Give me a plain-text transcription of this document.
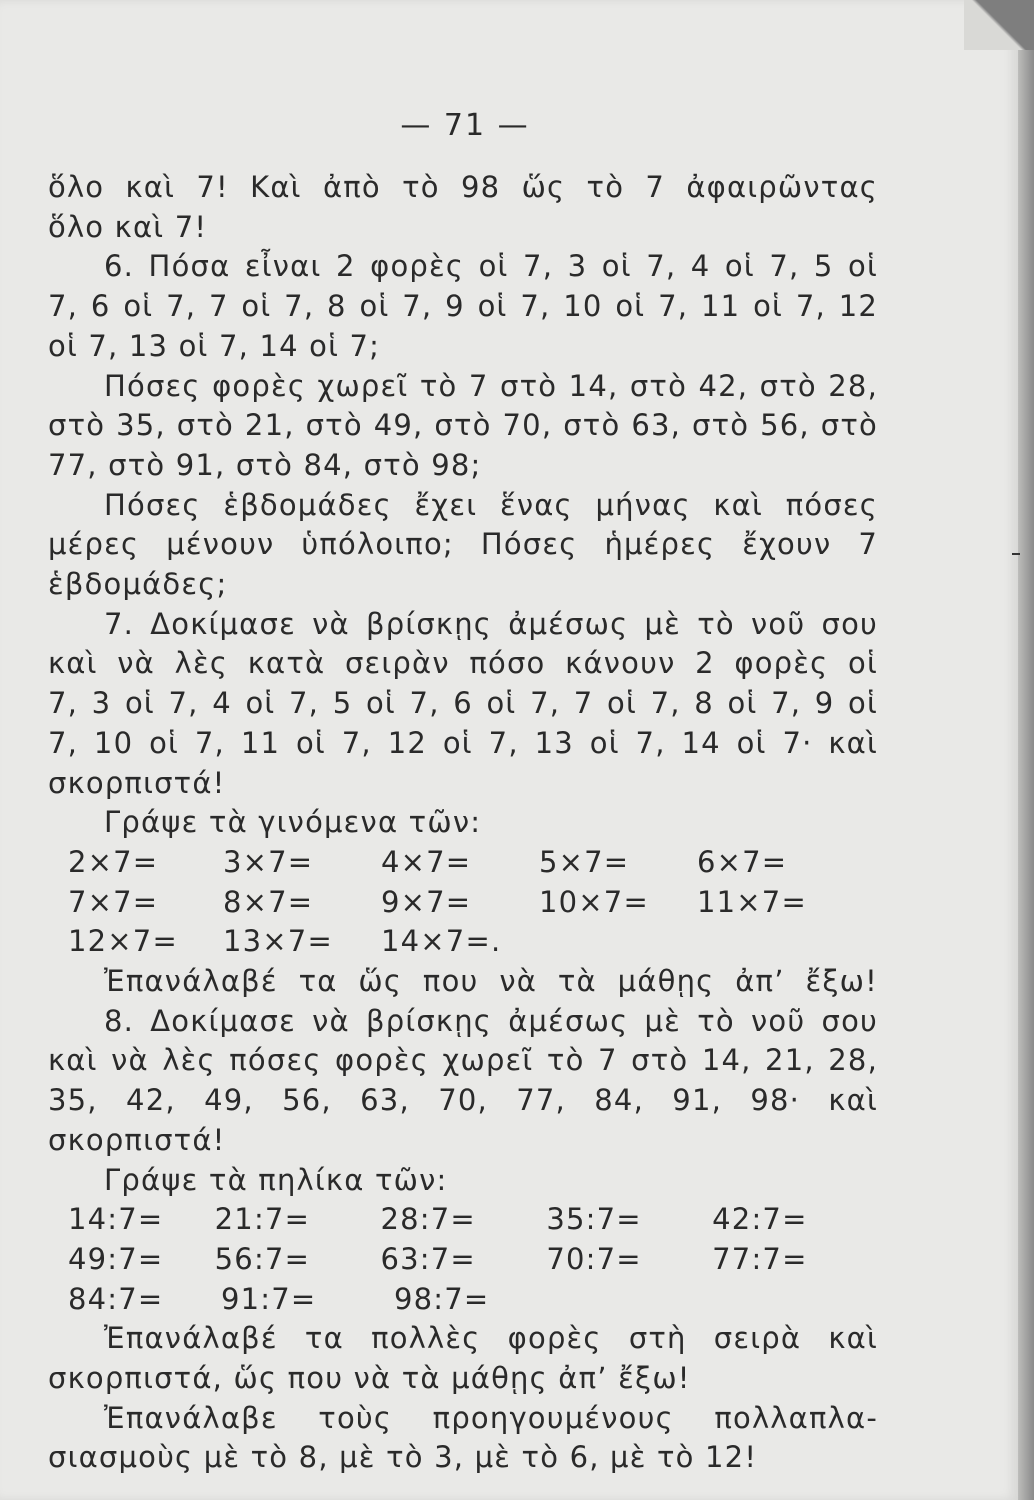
— 71 —

ὅλο καὶ 7! Καὶ ἀπὸ τὸ 98 ὥς τὸ 7 ἀφαιρῶντας

ὅλο καὶ 7!

6. Πόσα εἶναι 2 φορὲς οἱ 7, 3 οἱ 7, 4 οἱ 7, 5 οἱ

7, 6 οἱ 7, 7 οἱ 7, 8 οἱ 7, 9 οἱ 7, 10 οἱ 7, 11 οἱ 7, 12

οἱ 7, 13 οἱ 7, 14 οἱ 7;

Πόσες φορὲς χωρεῖ τὸ 7 στὸ 14, στὸ 42, στὸ 28,

στὸ 35, στὸ 21, στὸ 49, στὸ 70, στὸ 63, στὸ 56, στὸ

77, στὸ 91, στὸ 84, στὸ 98;

Πόσες ἑβδομάδες ἔχει ἕνας μήνας καὶ πόσες

μέρες μένουν ὑπόλοιπο; Πόσες ἡμέρες ἔχουν 7

ἑβδομάδες;

7. Δοκίμασε νὰ βρίσκῃς ἀμέσως μὲ τὸ νοῦ σου

καὶ νὰ λὲς κατὰ σειρὰν πόσο κάνουν 2 φορὲς οἱ

7, 3 οἱ 7, 4 οἱ 7, 5 οἱ 7, 6 οἱ 7, 7 οἱ 7, 8 οἱ 7, 9 οἱ

7, 10 οἱ 7, 11 οἱ 7, 12 οἱ 7, 13 οἱ 7, 14 οἱ 7· καὶ

σκορπιστά!

Γράψε τὰ γινόμενα τῶν:

2×7=	3×7=	4×7=	5×7=	6×7=
7×7=	8×7=	9×7=	10×7=	11×7=
12×7=	13×7=	14×7=.

Ἐπανάλαβέ τα ὥς που νὰ τὰ μάθῃς ἀπ’ ἔξω!

8. Δοκίμασε νὰ βρίσκῃς ἀμέσως μὲ τὸ νοῦ σου

καὶ νὰ λὲς πόσες φορὲς χωρεῖ τὸ 7 στὸ 14, 21, 28,

35, 42, 49, 56, 63, 70, 77, 84, 91, 98· καὶ σκορπιστά!

Γράψε τὰ πηλίκα τῶν:

14:7=	21:7=	28:7=	35:7=	42:7=
49:7=	56:7=	63:7=	70:7=	77:7=
84:7=	91:7=	98:7=

Ἐπανάλαβέ τα πολλὲς φορὲς στὴ σειρὰ καὶ

σκορπιστά, ὥς που νὰ τὰ μάθῃς ἀπ’ ἔξω!

Ἐπανάλαβε τοὺς προηγουμένους πολλαπλα-

σιασμοὺς μὲ τὸ 8, μὲ τὸ 3, μὲ τὸ 6, μὲ τὸ 12!
